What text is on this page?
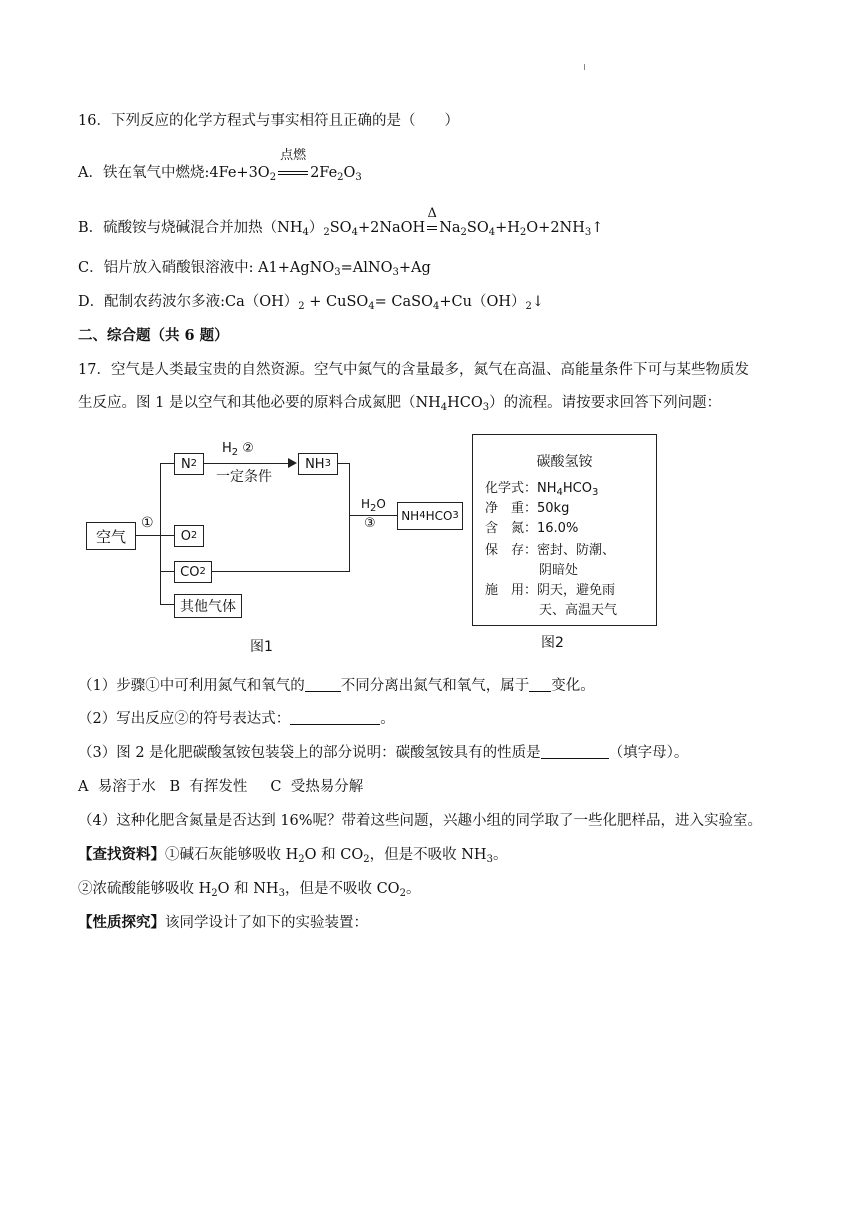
16．下列反应的化学方程式与事实相符且正确的是（　　）
A．铁在氧气中燃烧$:4Fe+3O_2$
点燃
$2Fe_2O_3$
B．硫酸铵与烧碱混合并加热$(NH_4)_2SO_4+2NaOH$
Δ
$Na_2SO_4+H_2O+2NH_3↑$
C．铝片放入硝酸银溶液中: A1+AgNO$_3$=AlNO$_3$+Ag
D．配制农药波尔多液$:Ca(OH)_2$ + CuSO$_4$= $CaSO_4+Cu(OH)_2↓$
二、综合题（共 6 题）
17．空气是人类最宝贵的自然资源。空气中氮气的含量最多，氮气在高温、高能量条件下可与某些物质发
生反应。图 1 是以空气和其他必要的原料合成氮肥$(NH_4HCO_3)$的流程。请按要求回答下列问题：
空气
①
N 2
O 2
CO 2
其他气体
$H_2$ ②
一定条件
NH 3
$H_2O$
③ NH 4 HCO 3
图1
碳酸氢铵
化学式：$NH_4HCO_3$
净　重：50kg
含　氮：16.0%
保　存：密封、防潮、
阴暗处
施　用：阴天，避免雨
天、高温天气
图2
（1）步骤①中可利用氮气和氧气的 不同分离出氮气和氧气，属于 变化。
（2）写出反应②的符号表达式：	。
（3）图 2 是化肥碳酸氢铵包装袋上的部分说明：碳酸氢铵具有的性质是	（填字母）。
A  易溶于水   B  有挥发性     C  受热易分解
（4）这种化肥含氮量是否达到 16%呢？带着这些问题，兴趣小组的同学取了一些化肥样品，进入实验室。
【查找资料】①碱石灰能够吸收 $H_2O$ 和 $CO_2$，但是不吸收 $NH_3$。
②浓硫酸能够吸收 $H_2O$ 和 $NH_3$，但是不吸收 $CO_2$。
【性质探究】该同学设计了如下的实验装置：
